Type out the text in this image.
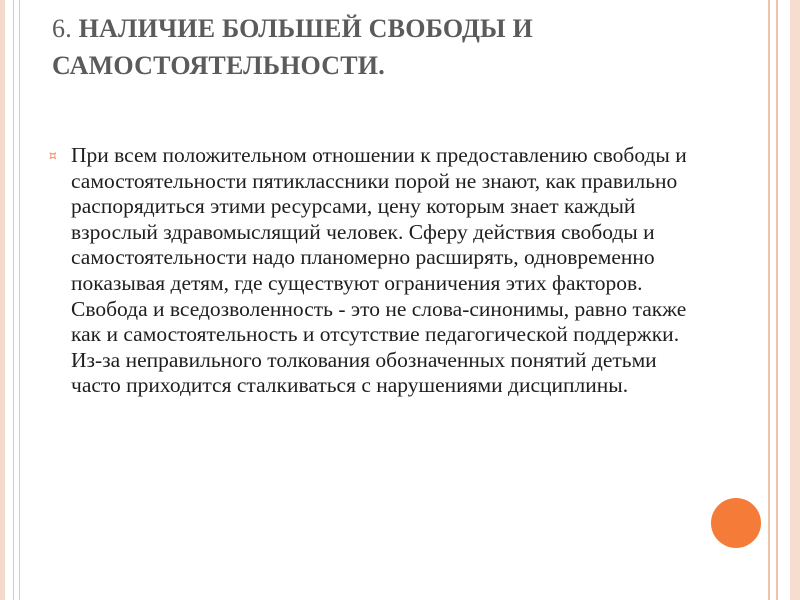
6. НАЛИЧИЕ БОЛЬШЕЙ СВОБОДЫ И
САМОСТОЯТЕЛЬНОСТИ.
⯏ При всем положительном отношении к предоставлению свободы и самостоятельности пятиклассники порой не знают, как правильно распорядиться этими ресурсами, цену которым знает каждый взрослый здравомыслящий человек. Сферу действия свободы и самостоятельности надо планомерно расширять, одновременно показывая детям, где существуют ограничения этих факторов. Свобода и вседозволенность - это не слова-синонимы, равно также как и самостоятельность и отсутствие педагогической поддержки. Из-за неправильного толкования обозначенных понятий детьми часто приходится сталкиваться с нарушениями дисциплины.
